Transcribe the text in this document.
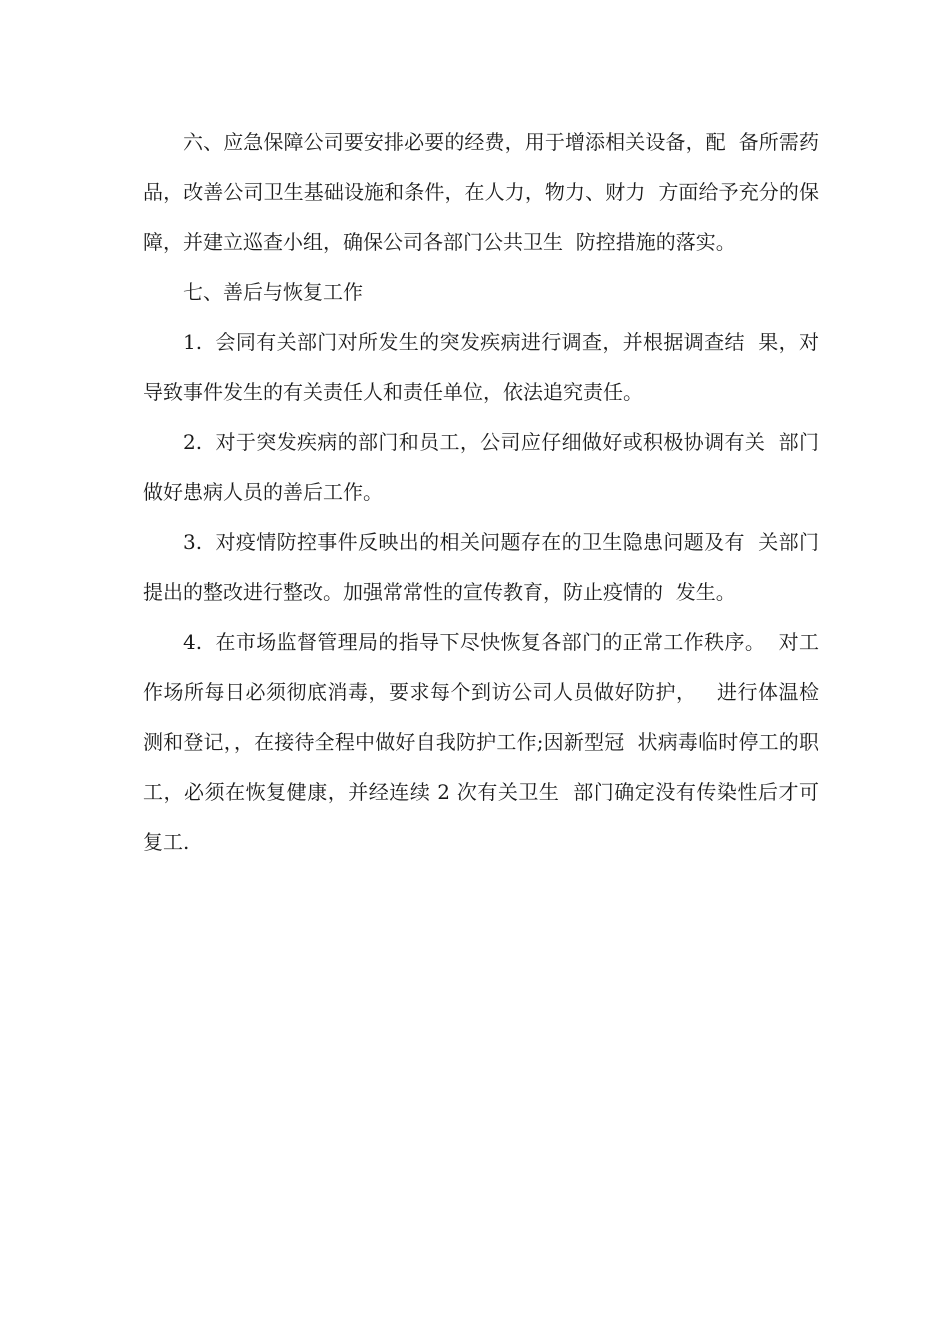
六、应急保障公司要安排必要的经费，用于增添相关设备，配  备所需药品，改善公司卫生基础设施和条件，在人力，物力、财力  方面给予充分的保障，并建立巡查小组，确保公司各部门公共卫生  防控措施的落实。

七、善后与恢复工作

1.  会同有关部门对所发生的突发疾病进行调查，并根据调查结  果，对导致事件发生的有关责任人和责任单位，依法追究责任。

2.  对于突发疾病的部门和员工，公司应仔细做好或积极协调有关  部门做好患病人员的善后工作。

3.  对疫情防控事件反映出的相关问题存在的卫生隐患问题及有  关部门提出的整改进行整改。加强常常性的宣传教育，防止疫情的  发生。

4.  在市场监督管理局的指导下尽快恢复各部门的正常工作秩序。  对工作场所每日必须彻底消毒，要求每个到访公司人员做好防护，   进行体温检测和登记，，在接待全程中做好自我防护工作;因新型冠  状病毒临时停工的职工，必须在恢复健康，并经连续 2 次有关卫生  部门确定没有传染性后才可复工.
